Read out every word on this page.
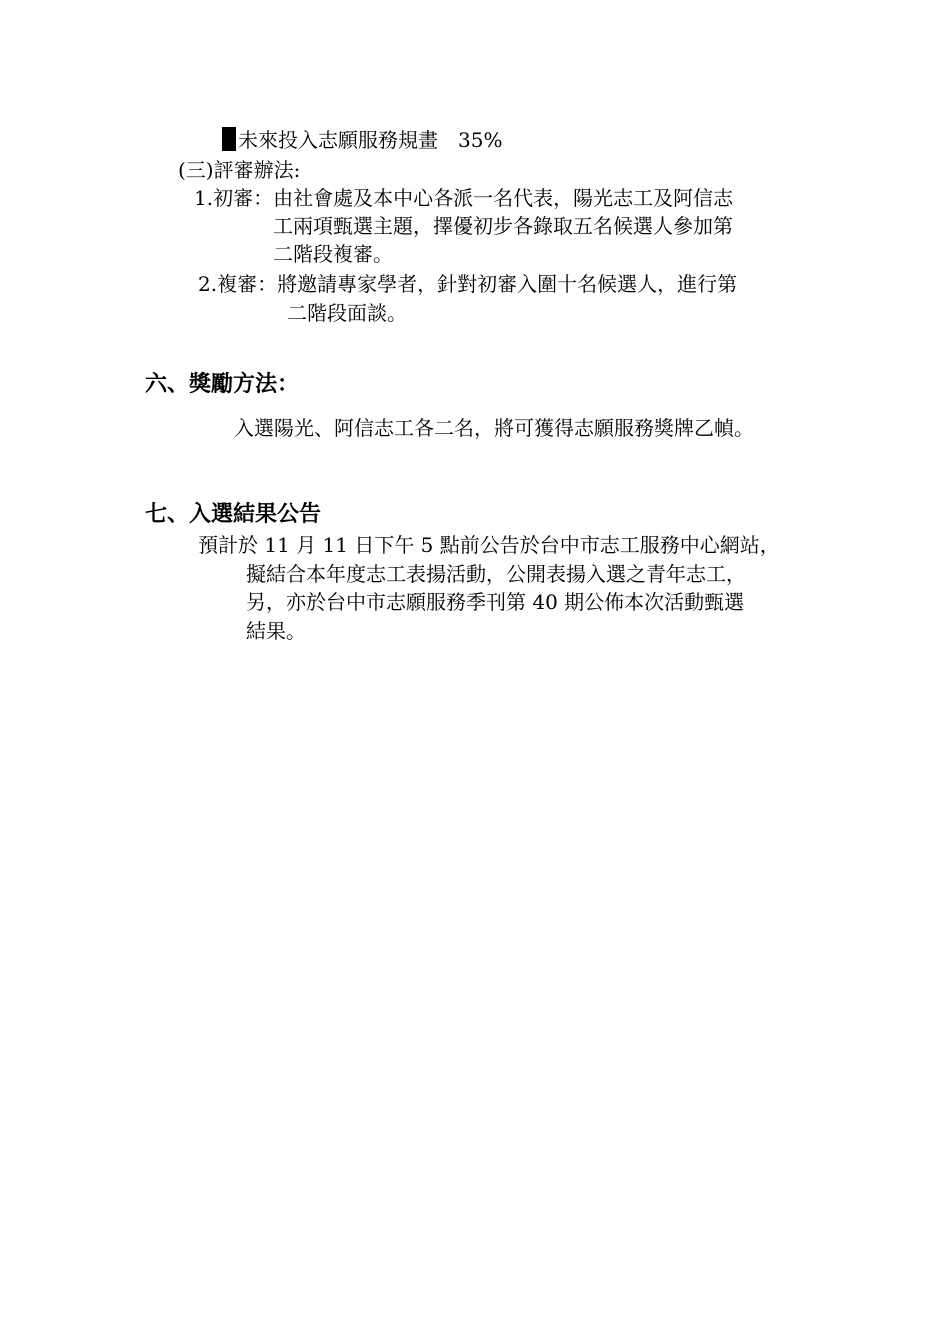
未來投入志願服務規畫 35%
(三)評審辦法:
1.初審：由社會處及本中心各派一名代表，陽光志工及阿信志
工兩項甄選主題，擇優初步各錄取五名候選人參加第
二階段複審。
2.複審：將邀請專家學者，針對初審入圍十名候選人，進行第
二階段面談。
六、獎勵方法：
入選陽光、阿信志工各二名，將可獲得志願服務獎牌乙幀。
七、入選結果公告
預計於 11 月 11 日下午 5 點前公告於台中市志工服務中心網站，
擬結合本年度志工表揚活動，公開表揚入選之青年志工，
另，亦於台中市志願服務季刊第 40 期公佈本次活動甄選
結果。
